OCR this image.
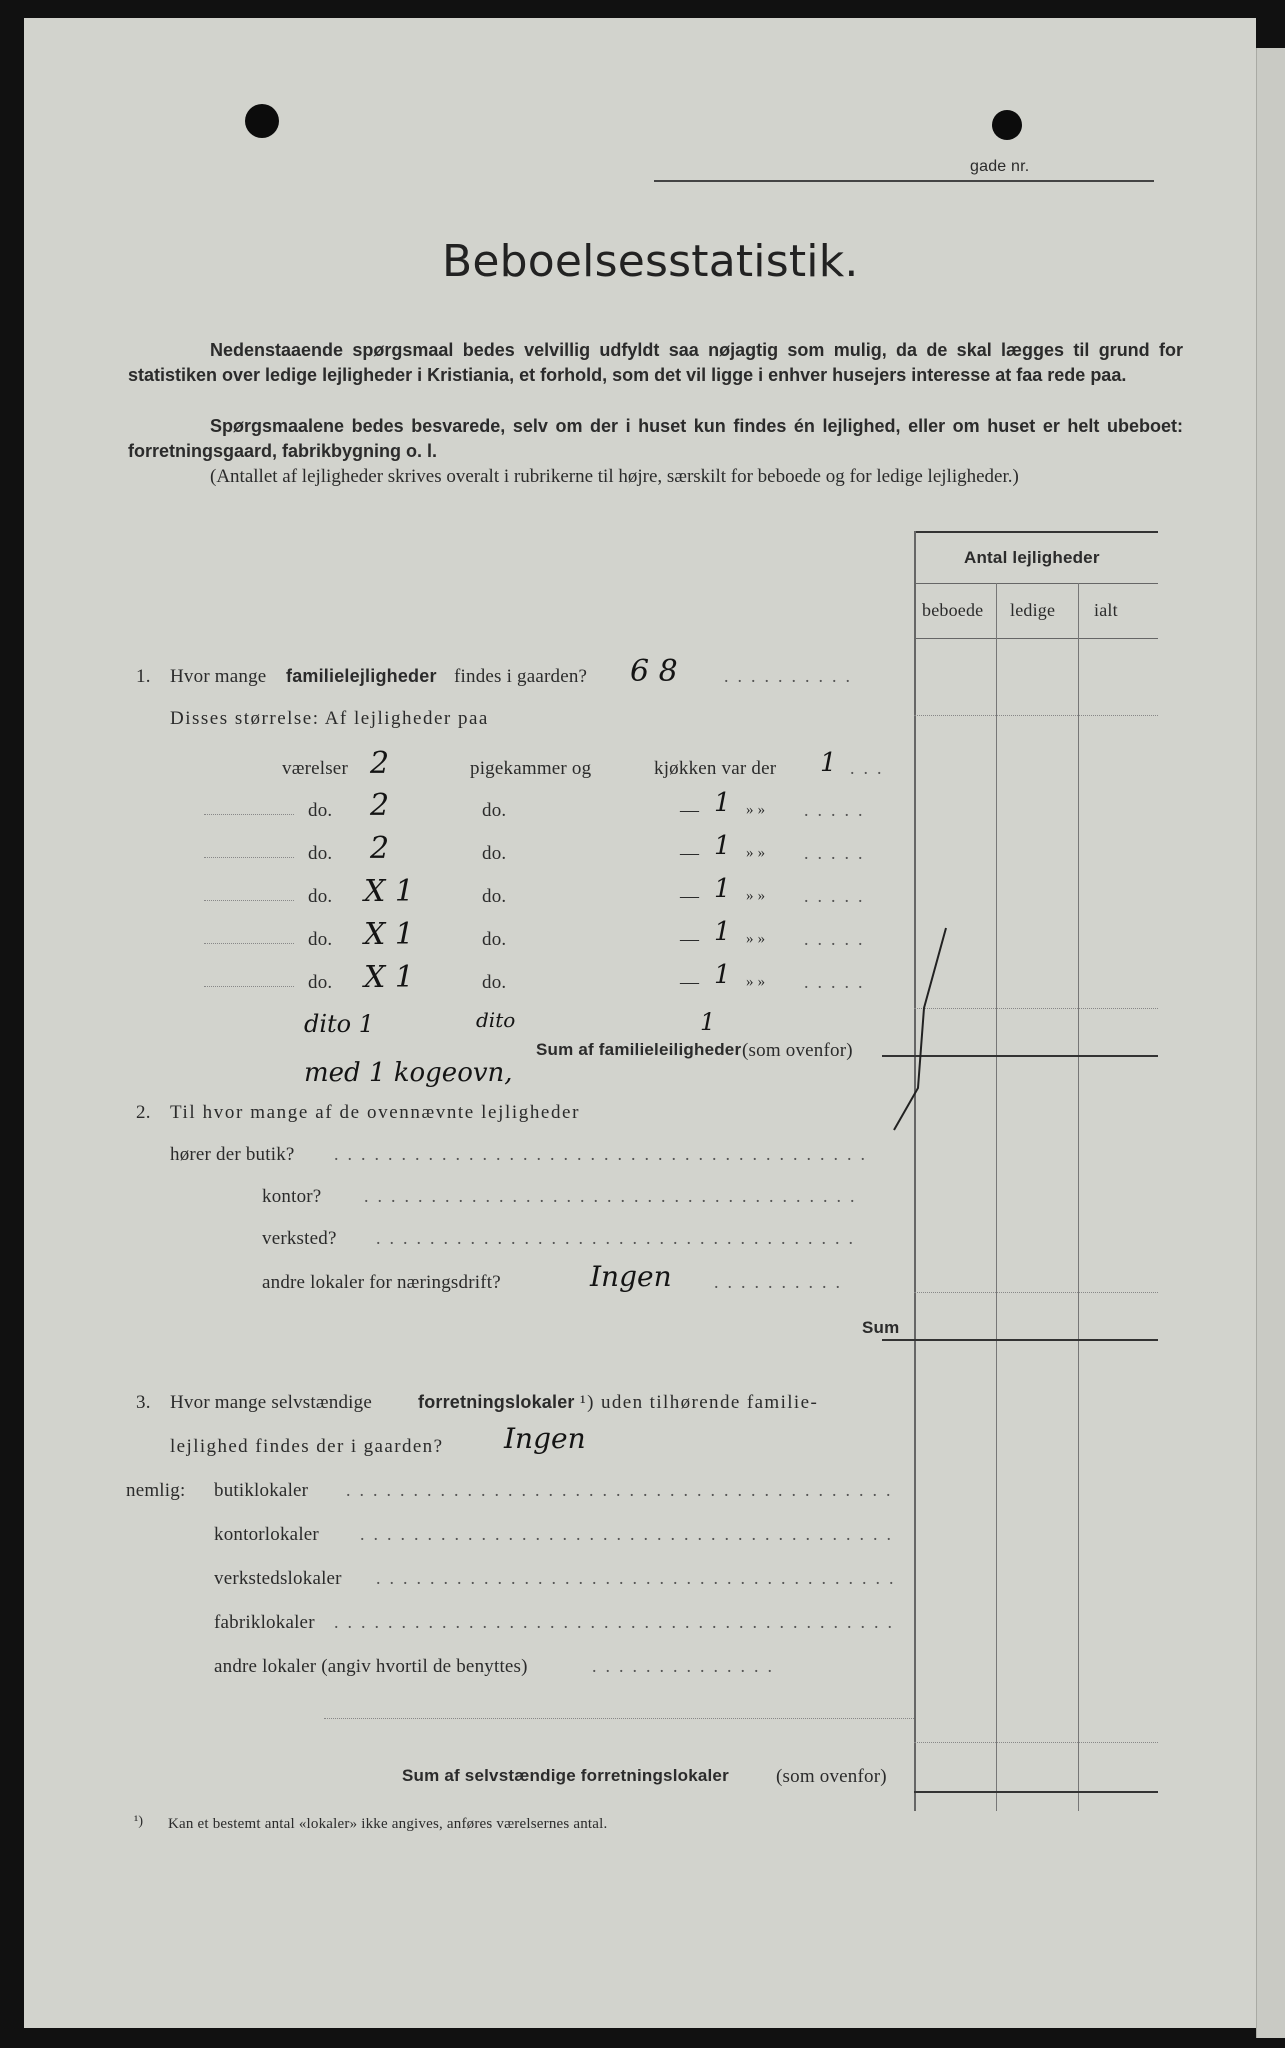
gade nr.
Beboelsesstatistik.
Nedenstaaende spørgsmaal bedes velvillig udfyldt saa nøjagtig som mulig, da de skal lægges til grund for statistiken over ledige lejligheder i Kristiania, et forhold, som det vil ligge i enhver husejers interesse at faa rede paa.
Spørgsmaalene bedes besvarede, selv om der i huset kun findes én lejlighed, eller om huset er helt ubeboet: forretningsgaard, fabrikbygning o. l.
(Antallet af lejligheder skrives overalt i rubrikerne til højre, særskilt for beboede og for ledige lejligheder.)
Antal lejligheder
beboede ledige ialt
1. Hvor mange familielejligheder findes i gaarden? 6 8	..........
Disses størrelse: Af lejligheder paa
værelser 2	pigekammer og	kjøkken var der 1 ...
do. 2	do.	— 1 » » .....
do. 2	do.	— 1 » » .....
do. X 1	do.	— 1 » » .....
do. X 1	do.	— 1 » » .....
do. X 1	do.	— 1 » » .....
dito 1	dito	1
Sum af familieleiligheder (som ovenfor)
med 1 kogeovn,
2. Til hvor mange af de ovennævnte lejligheder
hører der butik? ........................................
kontor? .....................................
verksted? ....................................
andre lokaler for næringsdrift?	Ingen ..........
Sum
3. Hvor mange selvstændige	forretningslokaler ¹) uden tilhørende familie-
lejlighed findes der i gaarden? Ingen
nemlig: butiklokaler .........................................
kontorlokaler ........................................
verkstedslokaler .......................................
fabriklokaler ..........................................
andre lokaler (angiv hvortil de benyttes)	..............
Sum af selvstændige forretningslokaler (som ovenfor)
¹) Kan et bestemt antal «lokaler» ikke angives, anføres værelsernes antal.
